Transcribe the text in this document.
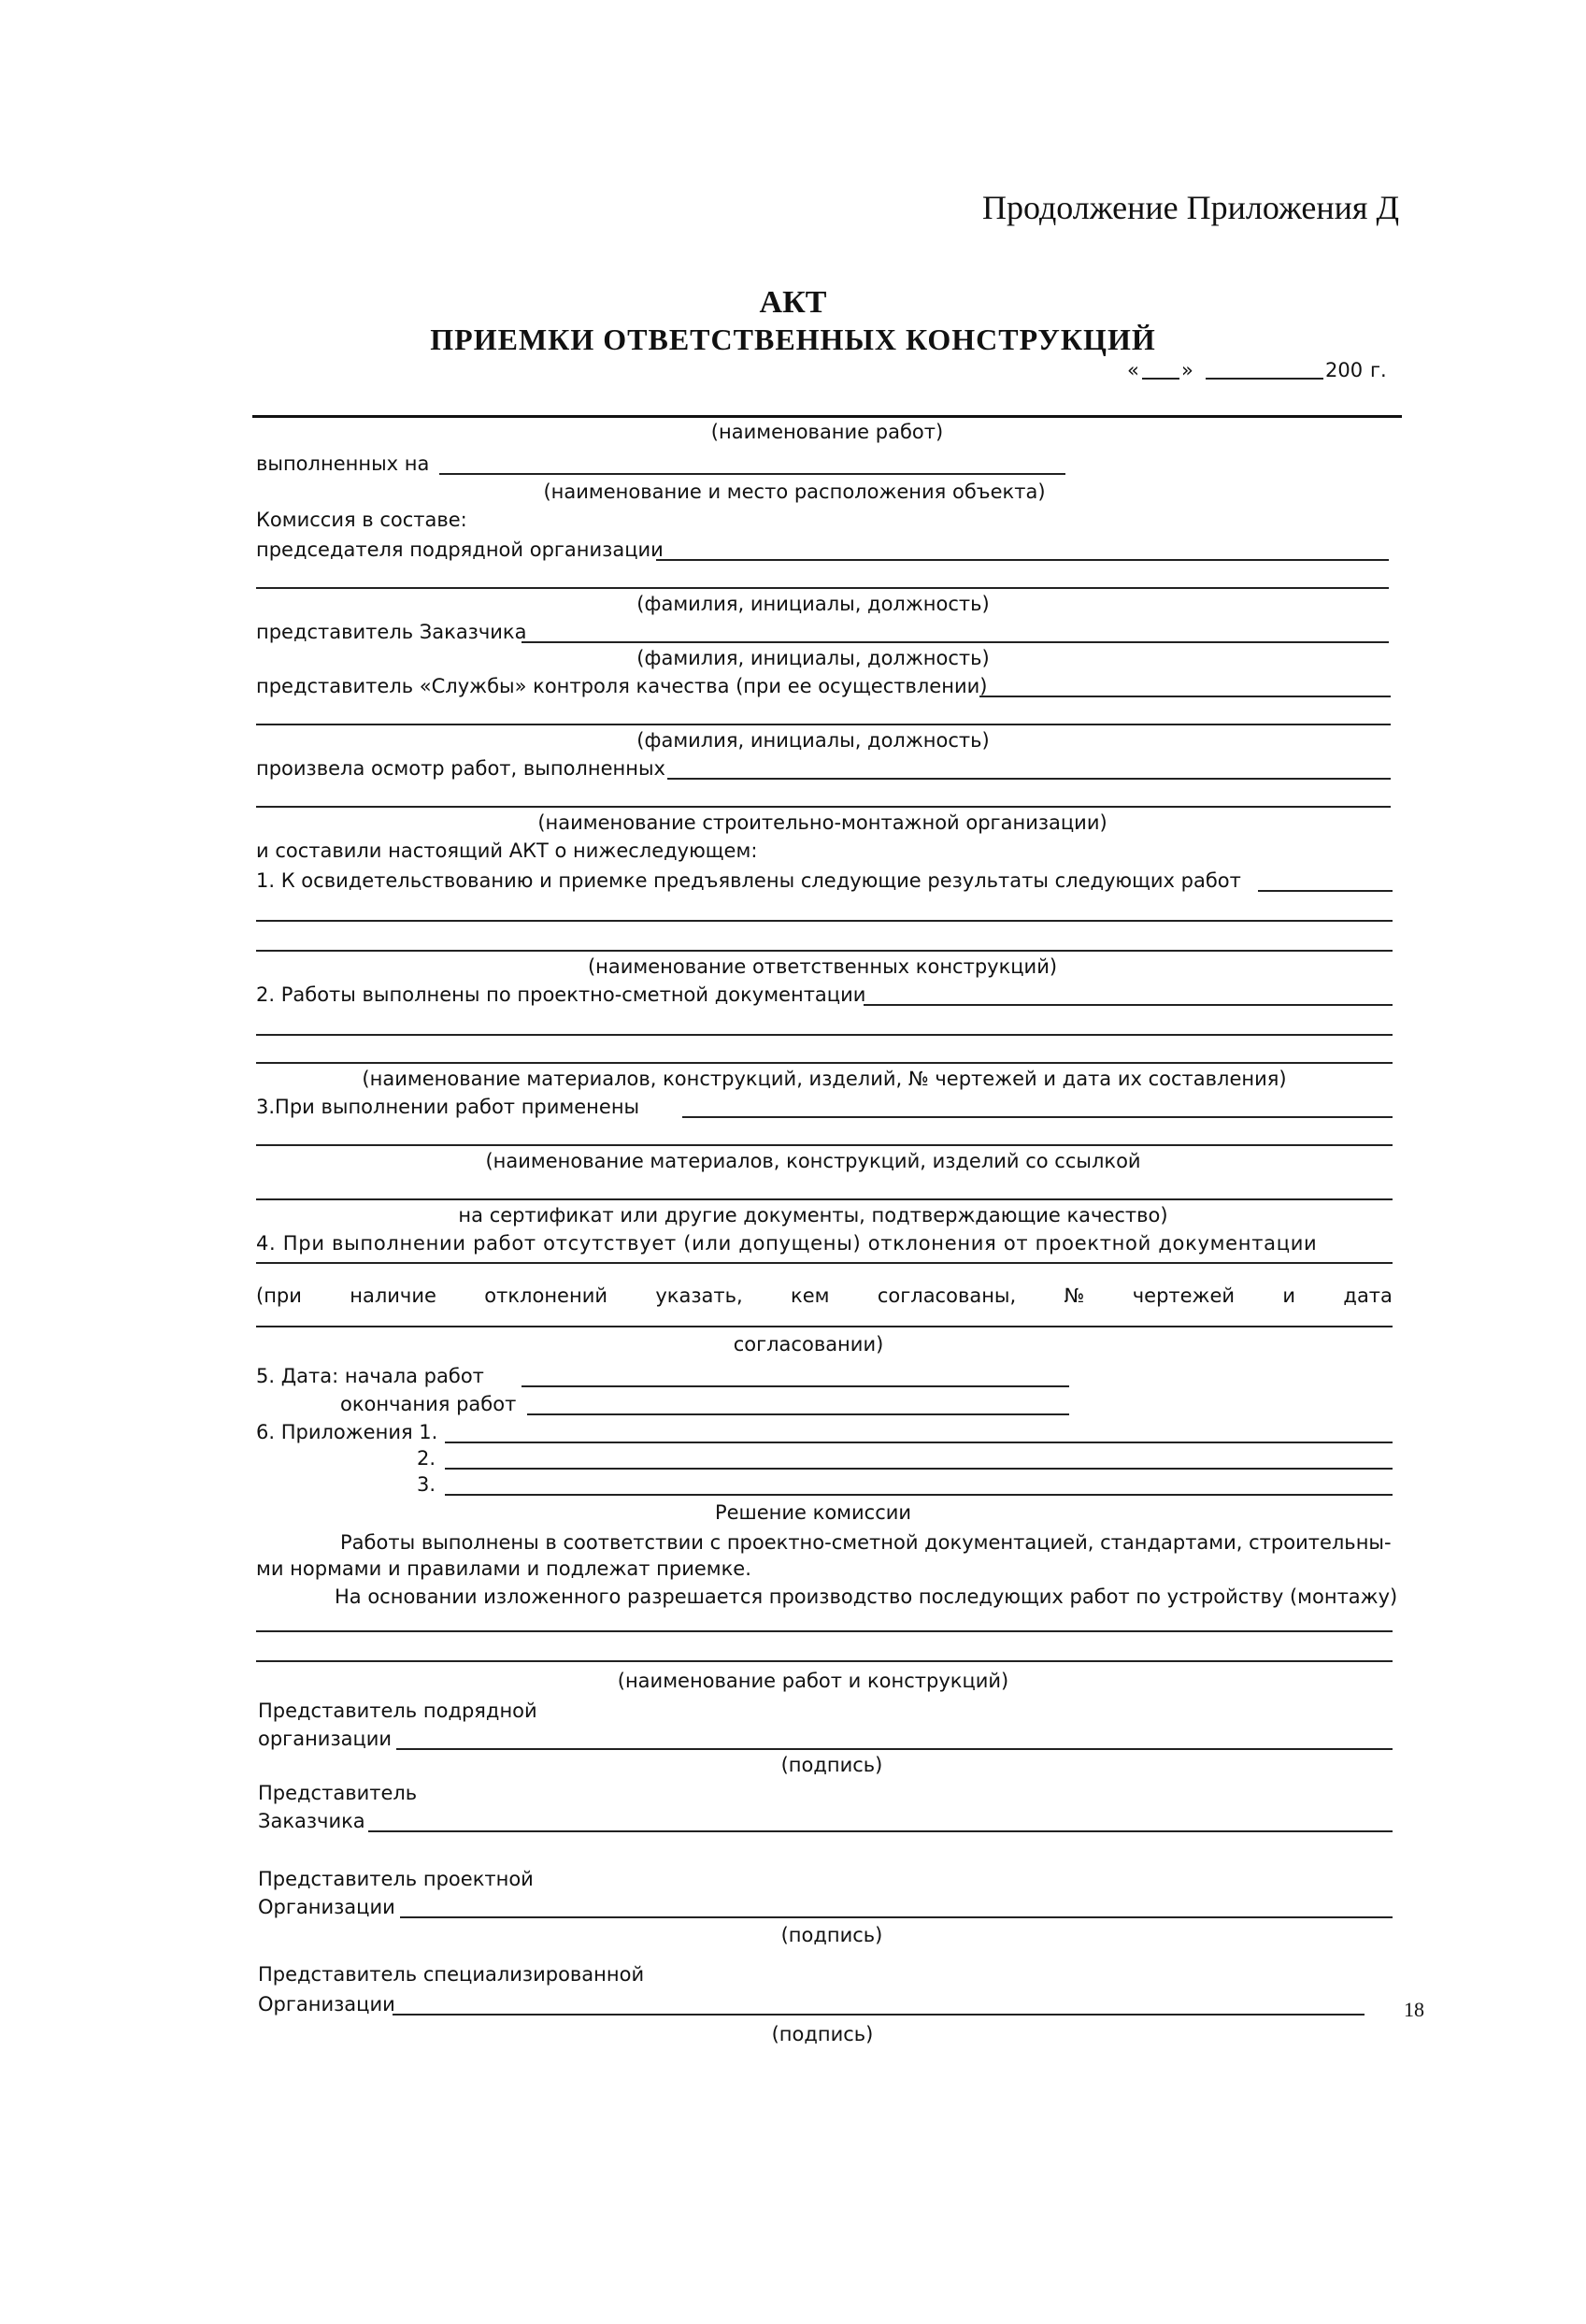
Продолжение Приложения Д
АКТ
ПРИЕМКИ ОТВЕТСТВЕННЫХ КОНСТРУКЦИЙ
« »	200 г.
(наименование работ)
выполненных на
(наименование и место расположения объекта)
Комиссия в составе:
председателя подрядной организации
(фамилия, инициалы, должность)
представитель Заказчика
(фамилия, инициалы, должность)
представитель «Службы» контроля качества (при ее осуществлении)
(фамилия, инициалы, должность)
произвела осмотр работ, выполненных
(наименование строительно-монтажной организации)
и составили настоящий АКТ о нижеследующем:
1. К освидетельствованию и приемке предъявлены следующие результаты следующих работ
(наименование ответственных конструкций)
2. Работы выполнены по проектно-сметной документации
(наименование материалов, конструкций, изделий, № чертежей и дата их составления)
3.При выполнении работ применены
(наименование материалов, конструкций, изделий со ссылкой
на сертификат или другие документы, подтверждающие качество)
4. При выполнении работ отсутствует (или допущены) отклонения от проектной документации
(при наличие отклонений указать, кем согласованы, № чертежей и дата
согласовании)
5. Дата: начала работ
окончания работ
6. Приложения 1.
2.
3.
Решение комиссии
Работы выполнены в соответствии с проектно-сметной документацией, стандартами, строительны-
ми нормами и правилами и подлежат приемке.
На основании изложенного разрешается производство последующих работ по устройству (монтажу)
(наименование работ и конструкций)
Представитель подрядной
организации
(подпись)
Представитель
Заказчика
Представитель проектной
Организации
(подпись)
Представитель специализированной
Организации
(подпись)
18
